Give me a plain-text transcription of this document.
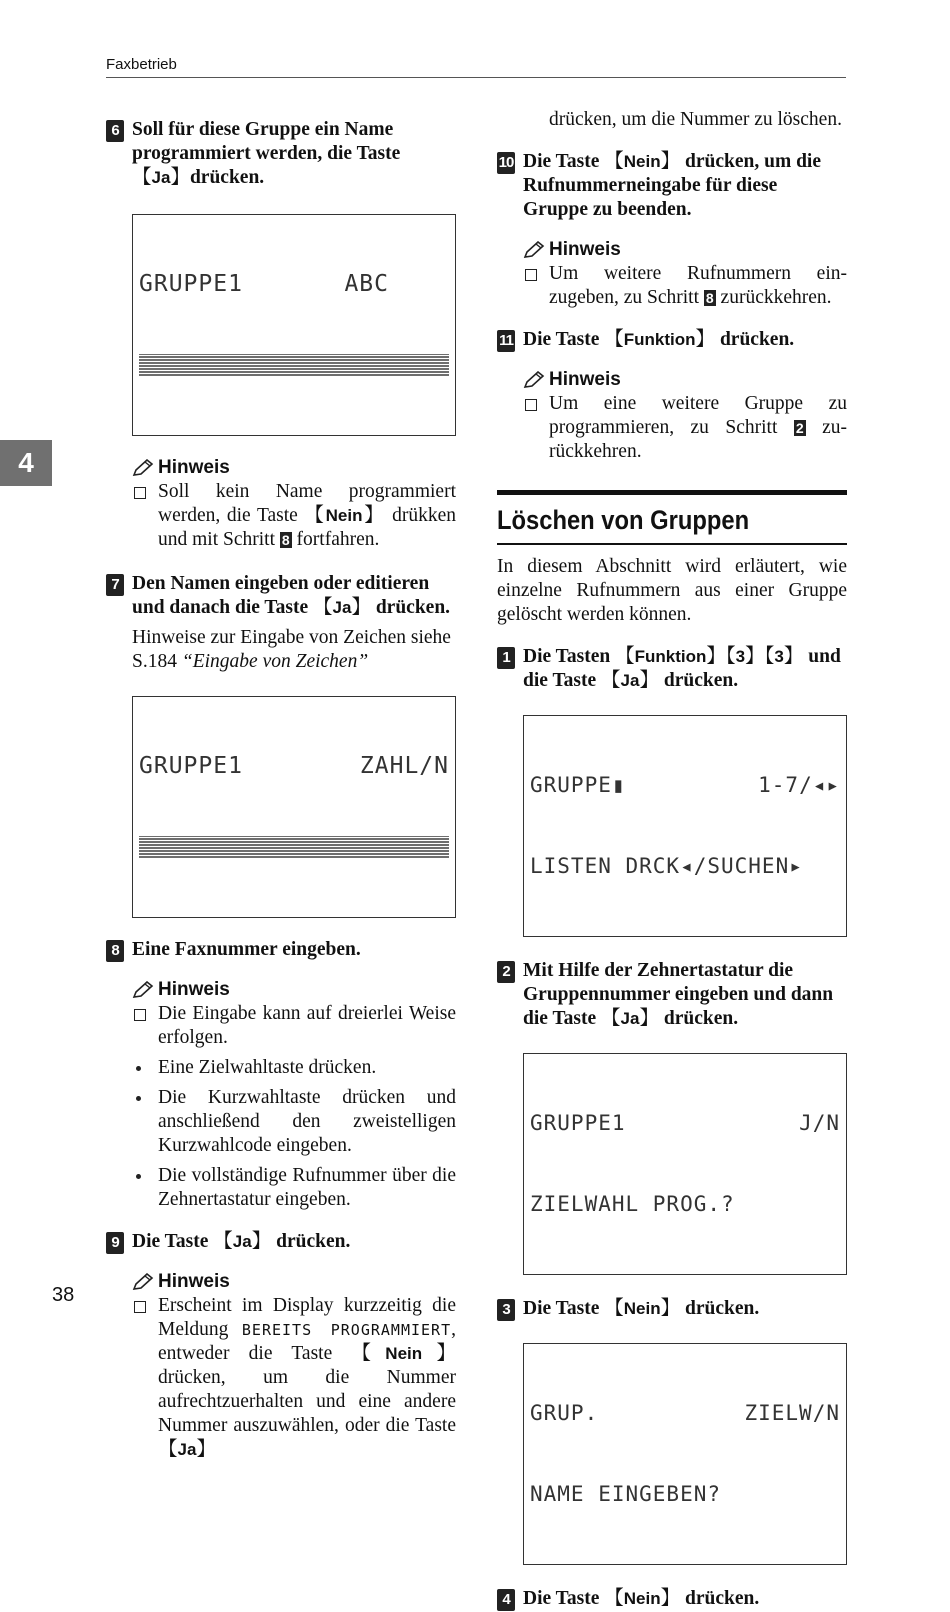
Faxbetrieb
4
38

6 Soll für diese Gruppe ein Name programmiert werden, die Taste 【Ja】drücken.

GRUPPE1	ABC

Hinweis

Soll kein Name programmiert werden, die Taste 【Nein】 drükken und mit Schritt 8 fortfahren.

7 Den Namen eingeben oder editieren und danach die Taste 【Ja】 drücken.

Hinweise zur Eingabe von Zeichen siehe S.184 “Eingabe von Zeichen”

GRUPPE1	ZAHL/N

8 Eine Faxnummer eingeben.

Hinweis

Die Eingabe kann auf dreierlei Weise erfolgen.

Eine Zielwahltaste drücken.

Die Kurzwahltaste drücken und anschließend den zweistelligen Kurzwahlcode eingeben.

Die vollständige Rufnummer über die Zehnertastatur eingeben.

9 Die Taste 【Ja】 drücken.

Hinweis

Erscheint im Display kurzzeitig die Meldung BEREITS PROGRAMMIERT, entweder die Taste 【Nein】 drücken, um die Nummer aufrechtzuerhalten und eine andere Nummer auszuwählen, oder die Taste 【Ja】

drücken, um die Nummer zu löschen.

10 Die Taste 【Nein】 drücken, um die Rufnummerneingabe für diese Gruppe zu beenden.

Hinweis

Um weitere Rufnummern einzugeben, zu Schritt 8 zurückkehren.

11 Die Taste 【Funktion】 drücken.

Hinweis

Um eine weitere Gruppe zu programmieren, zu Schritt 2 zurückkehren.

Löschen von Gruppen

In diesem Abschnitt wird erläutert, wie einzelne Rufnummern aus einer Gruppe gelöscht werden können.

1 Die Tasten 【Funktion】【3】【3】 und die Taste 【Ja】 drücken.

GRUPPE▮	1-7/◂▸

LISTEN DRCK◂/SUCHEN▸

2 Mit Hilfe der Zehnertastatur die Gruppennummer eingeben und dann die Taste 【Ja】 drücken.

GRUPPE1	J/N

ZIELWAHL PROG.?

3 Die Taste 【Nein】 drücken.

GRUP.	ZIELW/N

NAME EINGEBEN?

4 Die Taste 【Nein】 drücken.
